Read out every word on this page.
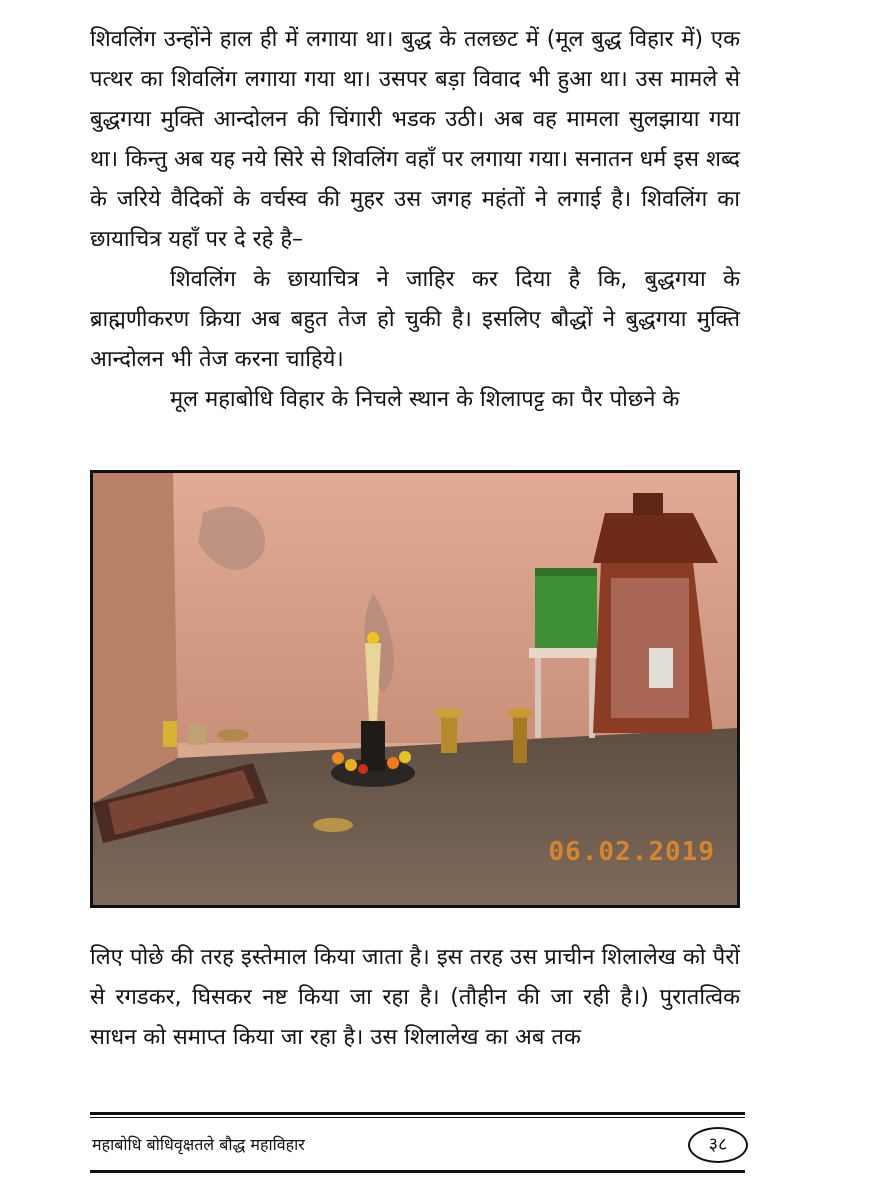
शिवलिंग उन्होंने हाल ही में लगाया था। बुद्ध के तलछट में (मूल बुद्ध विहार में) एक पत्थर का शिवलिंग लगाया गया था। उसपर बड़ा विवाद भी हुआ था। उस मामले से बुद्धगया मुक्ति आन्दोलन की चिंगारी भडक उठी। अब वह मामला सुलझाया गया था। किन्तु अब यह नये सिरे से शिवलिंग वहाँ पर लगाया गया। सनातन धर्म इस शब्द के जरिये वैदिकों के वर्चस्व की मुहर उस जगह महंतों ने लगाई है। शिवलिंग का छायाचित्र यहाँ पर दे रहे है–

शिवलिंग के छायाचित्र ने जाहिर कर दिया है कि, बुद्धगया के ब्राह्मणीकरण क्रिया अब बहुत तेज हो चुकी है। इसलिए बौद्धों ने बुद्धगया मुक्ति आन्दोलन भी तेज करना चाहिये।

मूल महाबोधि विहार के निचले स्थान के शिलापट्ट का पैर पोछने के

06.02.2019

लिए पोछे की तरह इस्तेमाल किया जाता है। इस तरह उस प्राचीन शिलालेख को पैरों से रगडकर, घिसकर नष्ट किया जा रहा है। (तौहीन की जा रही है।) पुरातत्विक साधन को समाप्त किया जा रहा है। उस शिलालेख का अब तक

महाबोधि बोधिवृक्षतले बौद्ध महाविहार	३८
